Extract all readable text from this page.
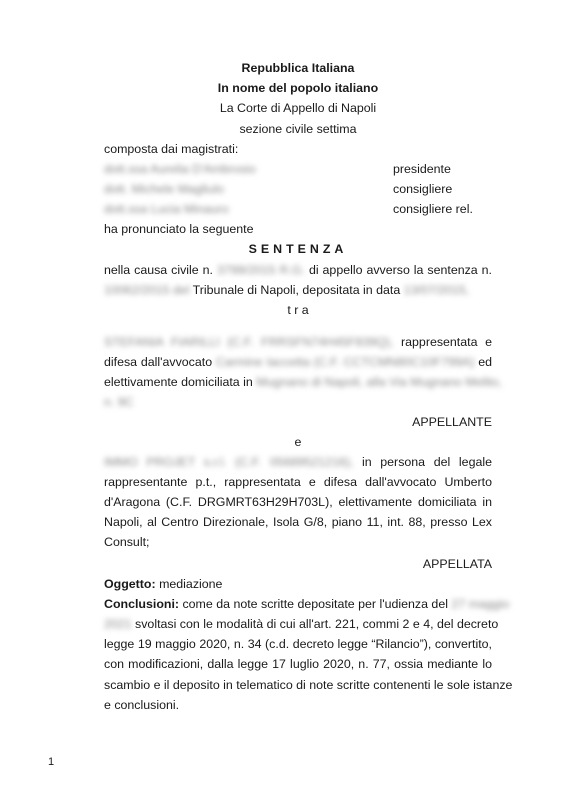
Repubblica Italiana
In nome del popolo italiano
La Corte di Appello di Napoli
sezione civile settima
composta dai magistrati:
dott.ssa Aurelia D'Ambrosio	presidente
dott. Michele Magliulo	consigliere
dott.ssa Lucia Minauro	consigliere rel.
ha pronunciato la seguente
SENTENZA
nella causa civile n. 3799/2015 R.G. di appello avverso la sentenza n.
10062/2015 del Tribunale di Napoli, depositata in data 13/07/2015,
t r a
STEFANIA FIARILLI (C.F. FRRSFN74H45F839Q), rappresentata e
difesa dall'avvocato Carmine Iaccetta (C.F. CCTCMN80C10F799A) ed
elettivamente domiciliata in Mugnano di Napoli, alla Via Mugnano Melito,
n. 9C
APPELLANTE
e
IMMO PROJET s.r.l. (C.F. 05689521216), in persona del legale
rappresentante p.t., rappresentata e difesa dall'avvocato Umberto
d'Aragona (C.F. DRGMRT63H29H703L), elettivamente domiciliata in
Napoli, al Centro Direzionale, Isola G/8, piano 11, int. 88, presso Lex
Consult;
APPELLATA
Oggetto: mediazione
Conclusioni: come da note scritte depositate per l'udienza del 27 maggio
2021 svoltasi con le modalità di cui all'art. 221, commi 2 e 4, del decreto
legge 19 maggio 2020, n. 34 (c.d. decreto legge “Rilancio”), convertito,
con modificazioni, dalla legge 17 luglio 2020, n. 77, ossia mediante lo
scambio e il deposito in telematico di note scritte contenenti le sole istanze
e conclusioni.
1
